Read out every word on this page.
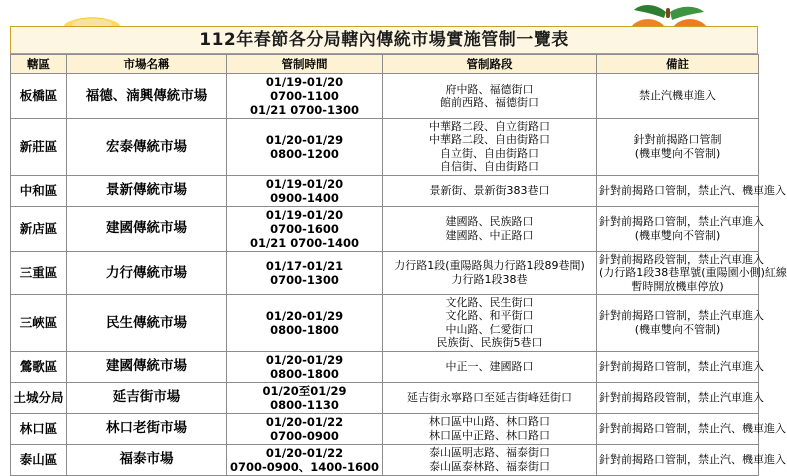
112年春節各分局轄內傳統市場實施管制一覽表
轄區	市場名稱	管制時間	管制路段	備註

板橋區	福德、湳興傳統市場	01/19-01/20
0700-1100
01/21 0700-1300	府中路、福德街口
館前西路、福德街口	禁止汽機車進入

新莊區	宏泰傳統市場	01/20-01/29
0800-1200	中華路二段、自立街路口
中華路二段、自由街路口
自立街、自由街路口
自信街、自由街路口	針對前揭路口管制
(機車雙向不管制)

中和區	景新傳統市場	01/19-01/20
0900-1400	景新街、景新街383巷口	針對前揭路口管制，禁止汽、機車進入

新店區	建國傳統市場	01/19-01/20
0700-1600
01/21 0700-1400	建國路、民族路口
建國路、中正路口	針對前揭路口管制，禁止汽車進入
(機車雙向不管制)

三重區	力行傳統市場	01/17-01/21
0700-1300	力行路1段(重陽路與力行路1段89巷間)
力行路1段38巷	針對前揭路段管制，禁止汽車進入
(力行路1段38巷單號(重陽園小側)紅線
暫時開放機車停放)

三峽區	民生傳統市場	01/20-01/29
0800-1800	文化路、民生街口
文化路、和平街口
中山路、仁愛街口
民族街、民族街5巷口	針對前揭路口管制，禁止汽車進入
(機車雙向不管制)

鶯歌區	建國傳統市場	01/20-01/29
0800-1800	中正一、建國路口	針對前揭路口管制，禁止汽車進入

土城分局	延吉街市場	01/20至01/29
0800-1130	延吉街永寧路口至延吉街峰廷街口	針對前揭路段管制，禁止汽車進入

林口區	林口老街市場	01/20-01/22
0700-0900	林口區中山路、林口路口
林口區中正路、林口路口	針對前揭路口管制，禁止汽、機車進入

泰山區	福泰市場	01/20-01/22
0700-0900、1400-1600	泰山區明志路、福泰街口
泰山區泰林路、福泰街口	針對前揭路口管制，禁止汽、機車進入
